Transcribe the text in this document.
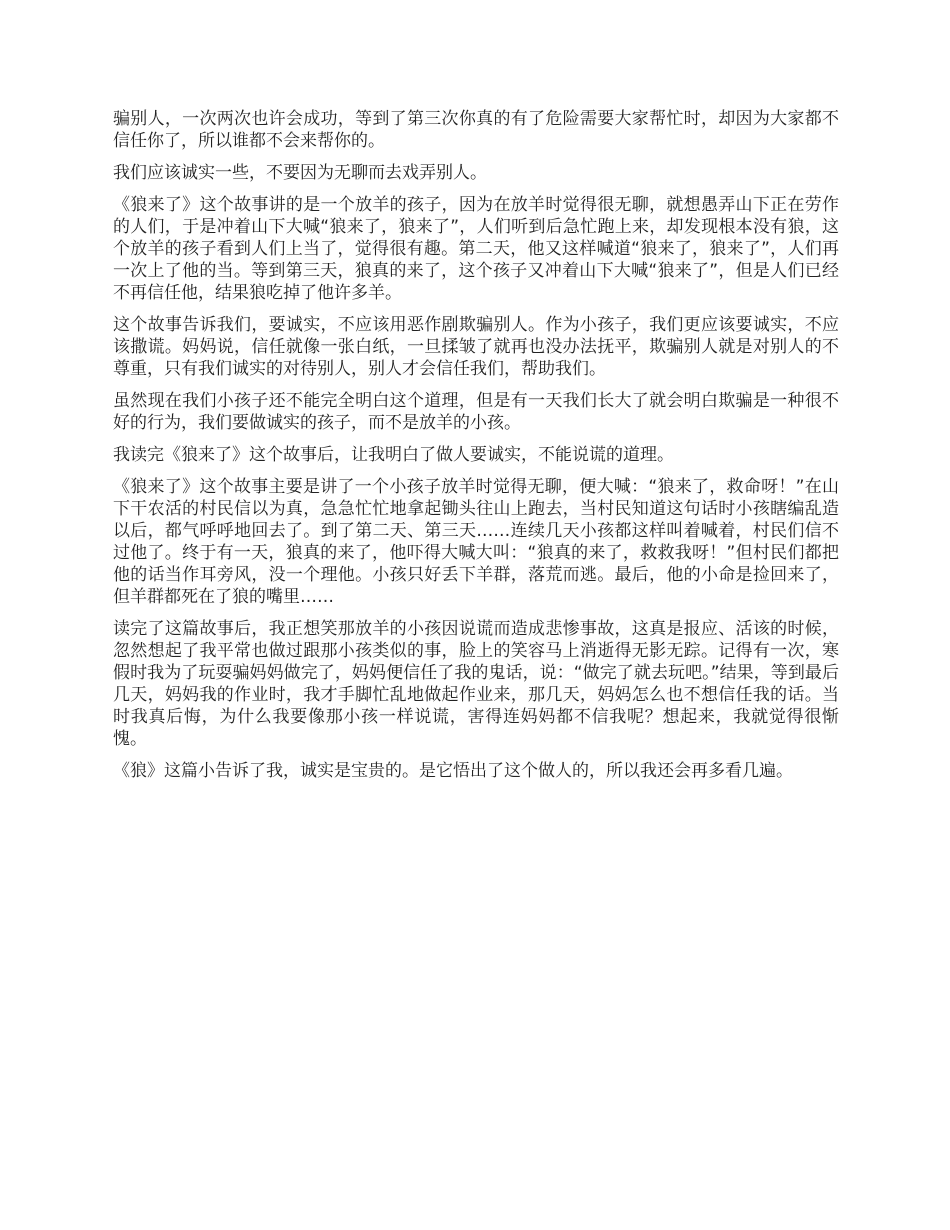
骗别人，一次两次也许会成功，等到了第三次你真的有了危险需要大家帮忙时，却因为大家都不信任你了，所以谁都不会来帮你的。

我们应该诚实一些，不要因为无聊而去戏弄别人。

《狼来了》这个故事讲的是一个放羊的孩子，因为在放羊时觉得很无聊，就想愚弄山下正在劳作的人们，于是冲着山下大喊“狼来了，狼来了”，人们听到后急忙跑上来，却发现根本没有狼，这个放羊的孩子看到人们上当了，觉得很有趣。第二天，他又这样喊道“狼来了，狼来了”，人们再一次上了他的当。等到第三天，狼真的来了，这个孩子又冲着山下大喊“狼来了”，但是人们已经不再信任他，结果狼吃掉了他许多羊。

这个故事告诉我们，要诚实，不应该用恶作剧欺骗别人。作为小孩子，我们更应该要诚实，不应该撒谎。妈妈说，信任就像一张白纸，一旦揉皱了就再也没办法抚平，欺骗别人就是对别人的不尊重，只有我们诚实的对待别人，别人才会信任我们，帮助我们。

虽然现在我们小孩子还不能完全明白这个道理，但是有一天我们长大了就会明白欺骗是一种很不好的行为，我们要做诚实的孩子，而不是放羊的小孩。

我读完《狼来了》这个故事后，让我明白了做人要诚实，不能说谎的道理。

《狼来了》这个故事主要是讲了一个小孩子放羊时觉得无聊，便大喊：“狼来了，救命呀！”在山下干农活的村民信以为真，急急忙忙地拿起锄头往山上跑去，当村民知道这句话时小孩瞎编乱造以后，都气呼呼地回去了。到了第二天、第三天……连续几天小孩都这样叫着喊着，村民们信不过他了。终于有一天，狼真的来了，他吓得大喊大叫：“狼真的来了，救救我呀！”但村民们都把他的话当作耳旁风，没一个理他。小孩只好丢下羊群，落荒而逃。最后，他的小命是捡回来了，但羊群都死在了狼的嘴里……

读完了这篇故事后，我正想笑那放羊的小孩因说谎而造成悲惨事故，这真是报应、活该的时候，忽然想起了我平常也做过跟那小孩类似的事，脸上的笑容马上消逝得无影无踪。记得有一次，寒假时我为了玩耍骗妈妈做完了，妈妈便信任了我的鬼话，说：“做完了就去玩吧。”结果，等到最后几天，妈妈我的作业时，我才手脚忙乱地做起作业来，那几天，妈妈怎么也不想信任我的话。当时我真后悔，为什么我要像那小孩一样说谎，害得连妈妈都不信我呢？想起来，我就觉得很惭愧。

《狼》这篇小告诉了我，诚实是宝贵的。是它悟出了这个做人的，所以我还会再多看几遍。
